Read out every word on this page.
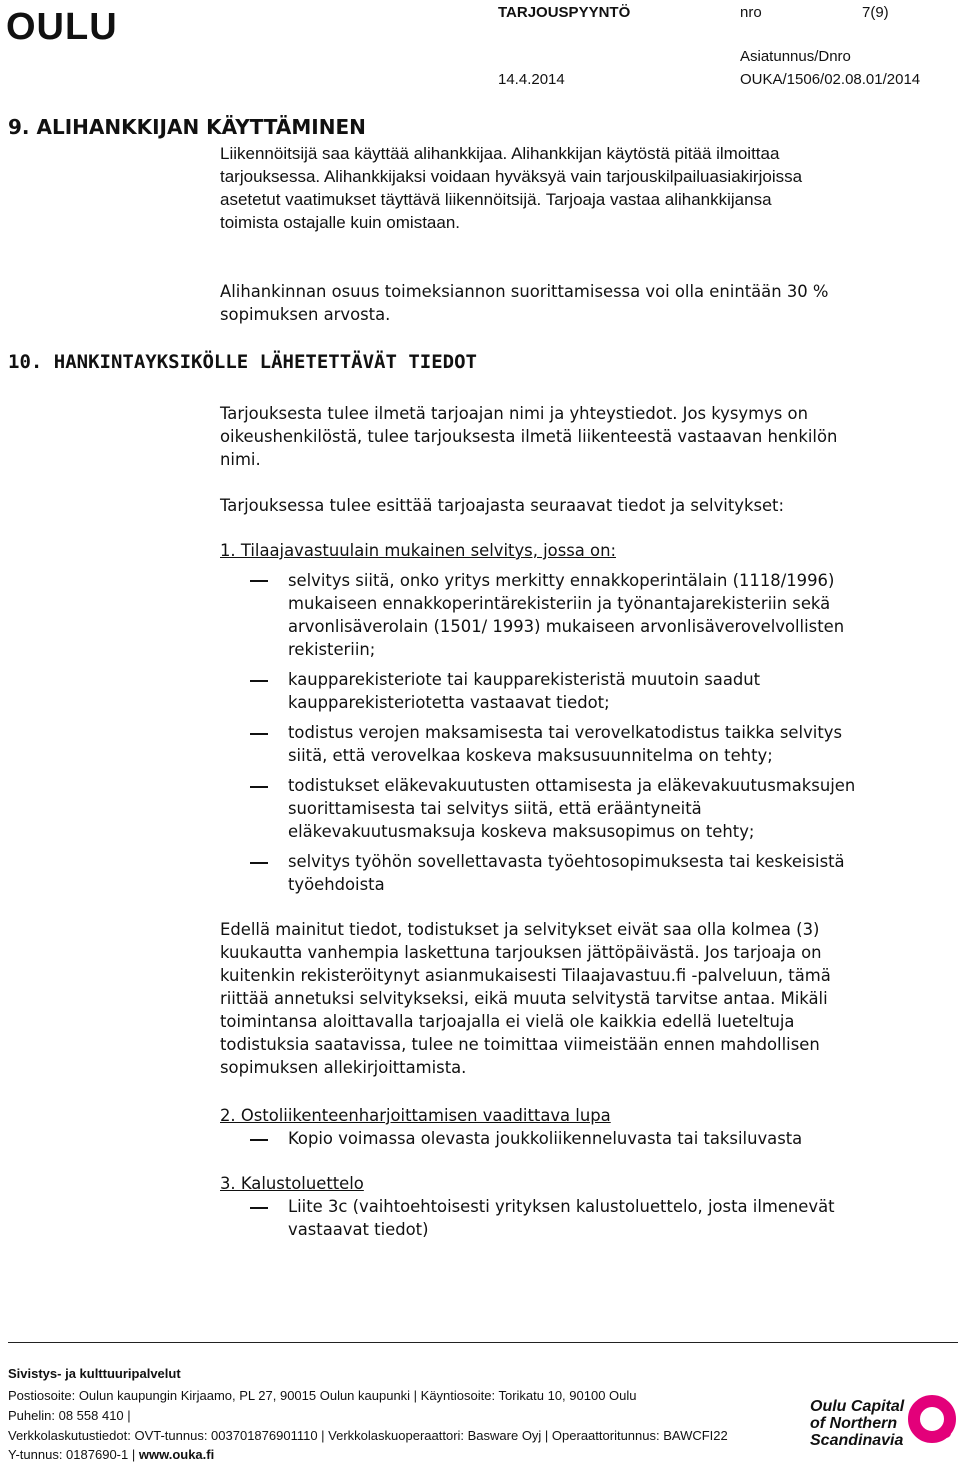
OULU	TARJOUSPYYNTÖ	nro	7(9)
Asiatunnus/Dnro
14.4.2014	OUKA/1506/02.08.01/2014
9. ALIHANKKIJAN KÄYTTÄMINEN

Liikennöitsijä saa käyttää alihankkijaa. Alihankkijan käytöstä pitää ilmoittaa
tarjouksessa. Alihankkijaksi voidaan hyväksyä vain tarjouskilpailuasiakirjoissa
asetetut vaatimukset täyttävä liikennöitsijä. Tarjoaja vastaa alihankkijansa
toimista ostajalle kuin omistaan.

Alihankinnan osuus toimeksiannon suorittamisessa voi olla enintään 30 %
sopimuksen arvosta.

10. HANKINTAYKSIKÖLLE LÄHETETTÄVÄT TIEDOT

Tarjouksesta tulee ilmetä tarjoajan nimi ja yhteystiedot. Jos kysymys on
oikeushenkilöstä, tulee tarjouksesta ilmetä liikenteestä vastaavan henkilön
nimi.

Tarjouksessa tulee esittää tarjoajasta seuraavat tiedot ja selvitykset:

1. Tilaajavastuulain mukainen selvitys, jossa on:

selvitys siitä, onko yritys merkitty ennakkoperintälain (1118/1996)
mukaiseen ennakkoperintärekisteriin ja työnantajarekisteriin sekä
arvonlisäverolain (1501/ 1993) mukaiseen arvonlisäverovelvollisten
rekisteriin;

kaupparekisteriote tai kaupparekisteristä muutoin saadut
kaupparekisteriotetta vastaavat tiedot;

todistus verojen maksamisesta tai verovelkatodistus taikka selvitys
siitä, että verovelkaa koskeva maksusuunnitelma on tehty;

todistukset eläkevakuutusten ottamisesta ja eläkevakuutusmaksujen
suorittamisesta tai selvitys siitä, että erääntyneitä
eläkevakuutusmaksuja koskeva maksusopimus on tehty;

selvitys työhön sovellettavasta työehtosopimuksesta tai keskeisistä
työehdoista

Edellä mainitut tiedot, todistukset ja selvitykset eivät saa olla kolmea (3)
kuukautta vanhempia laskettuna tarjouksen jättöpäivästä. Jos tarjoaja on
kuitenkin rekisteröitynyt asianmukaisesti Tilaajavastuu.fi -palveluun, tämä
riittää annetuksi selvitykseksi, eikä muuta selvitystä tarvitse antaa. Mikäli
toimintansa aloittavalla tarjoajalla ei vielä ole kaikkia edellä lueteltuja
todistuksia saatavissa, tulee ne toimittaa viimeistään ennen mahdollisen
sopimuksen allekirjoittamista.

2. Ostoliikenteenharjoittamisen vaadittava lupa

Kopio voimassa olevasta joukkoliikenneluvasta tai taksiluvasta

3. Kalustoluettelo

Liite 3c (vaihtoehtoisesti yrityksen kalustoluettelo, josta ilmenevät
vastaavat tiedot)

Sivistys- ja kulttuuripalvelut
Postiosoite: Oulun kaupungin Kirjaamo, PL 27, 90015 Oulun kaupunki | Käyntiosoite: Torikatu 10, 90100 Oulu
Puhelin: 08 558 410 |
Verkkolaskutustiedot: OVT-tunnus: 003701876901110 | Verkkolaskuoperaattori: Basware Oyj | Operaattoritunnus: BAWCFI22
Y-tunnus: 0187690-1 | www.ouka.fi
Oulu Capital
of Northern
Scandinavia
